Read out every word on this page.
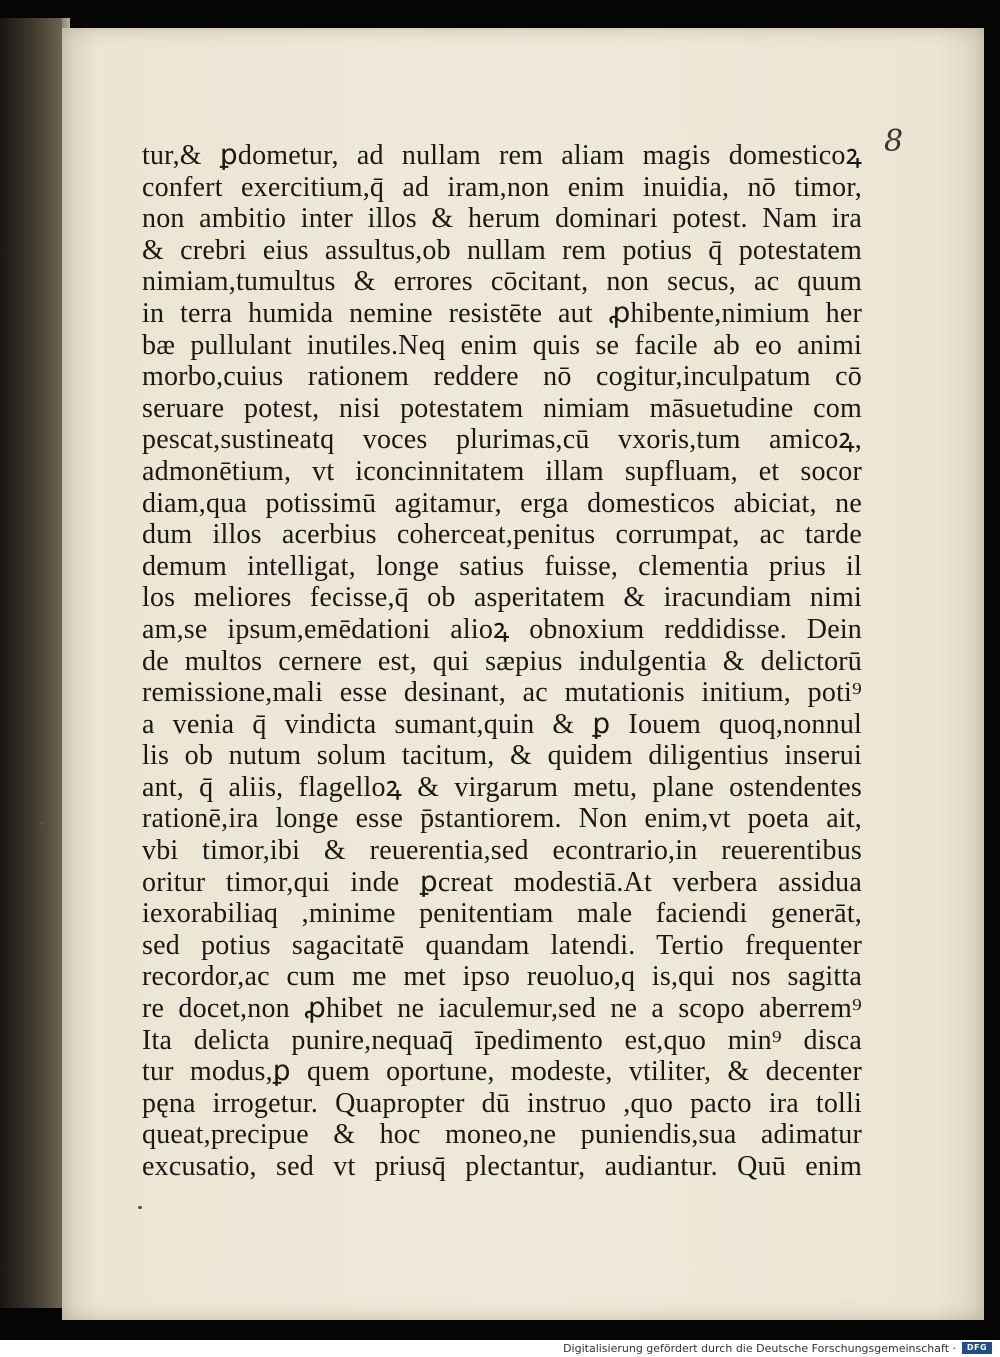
8
tur,& ꝑdometur, ad nullam rem aliam magis domesticoꝝ
confert exercitium,q̄ ad iram,non enim inuidia, nō timor,
non ambitio inter illos & herum dominari potest. Nam ira
& crebri eius assultus,ob nullam rem potius q̄ potestatem
nimiam,tumultus & errores cōcitant, non secus, ac quum
in terra humida nemine resistēte aut ꝓhibente,nimium her
bæ pullulant inutiles.Neq enim quis se facile ab eo animi
morbo,cuius rationem reddere nō cogitur,inculpatum cō
seruare potest, nisi potestatem nimiam māsuetudine com
pescat,sustineatq voces plurimas,cū vxoris,tum amicoꝝ,
admonētium, vt iconcinnitatem illam supfluam, et socor
diam,qua potissimū agitamur, erga domesticos abiciat, ne
dum illos acerbius coherceat,penitus corrumpat, ac tarde
demum intelligat, longe satius fuisse, clementia prius il
los meliores fecisse,q̄ ob asperitatem & iracundiam nimi
am,se ipsum,emēdationi alioꝝ obnoxium reddidisse. Dein
de multos cernere est, qui sæpius indulgentia & delictorū
remissione,mali esse desinant, ac mutationis initium, poti⁹
a venia q̄ vindicta sumant,quin & ꝑ Iouem quoq,nonnul
lis ob nutum solum tacitum, & quidem diligentius inserui
ant, q̄ aliis, flagelloꝝ & virgarum metu, plane ostendentes
rationē,ira longe esse p̄stantiorem. Non enim,vt poeta ait,
vbi timor,ibi & reuerentia,sed econtrario,in reuerentibus
oritur timor,qui inde ꝑcreat modestiā.At verbera assidua
iexorabiliaq ,minime penitentiam male faciendi generāt,
sed potius sagacitatē quandam latendi. Tertio frequenter
recordor,ac cum me met ipso reuoluo,q is,qui nos sagitta
re docet,non ꝓhibet ne iaculemur,sed ne a scopo aberrem⁹
Ita delicta punire,nequaq̄ īpedimento est,quo min⁹ disca
tur modus,ꝑ quem oportune, modeste, vtiliter, & decenter
pęna irrogetur. Quapropter dū instruo ,quo pacto ira tolli
queat,precipue & hoc moneo,ne puniendis,sua adimatur
excusatio, sed vt priusq̄ plectantur, audiantur. Quū enim
Digitalisierung gefördert durch die Deutsche Forschungsgemeinschaft ·	DFG
